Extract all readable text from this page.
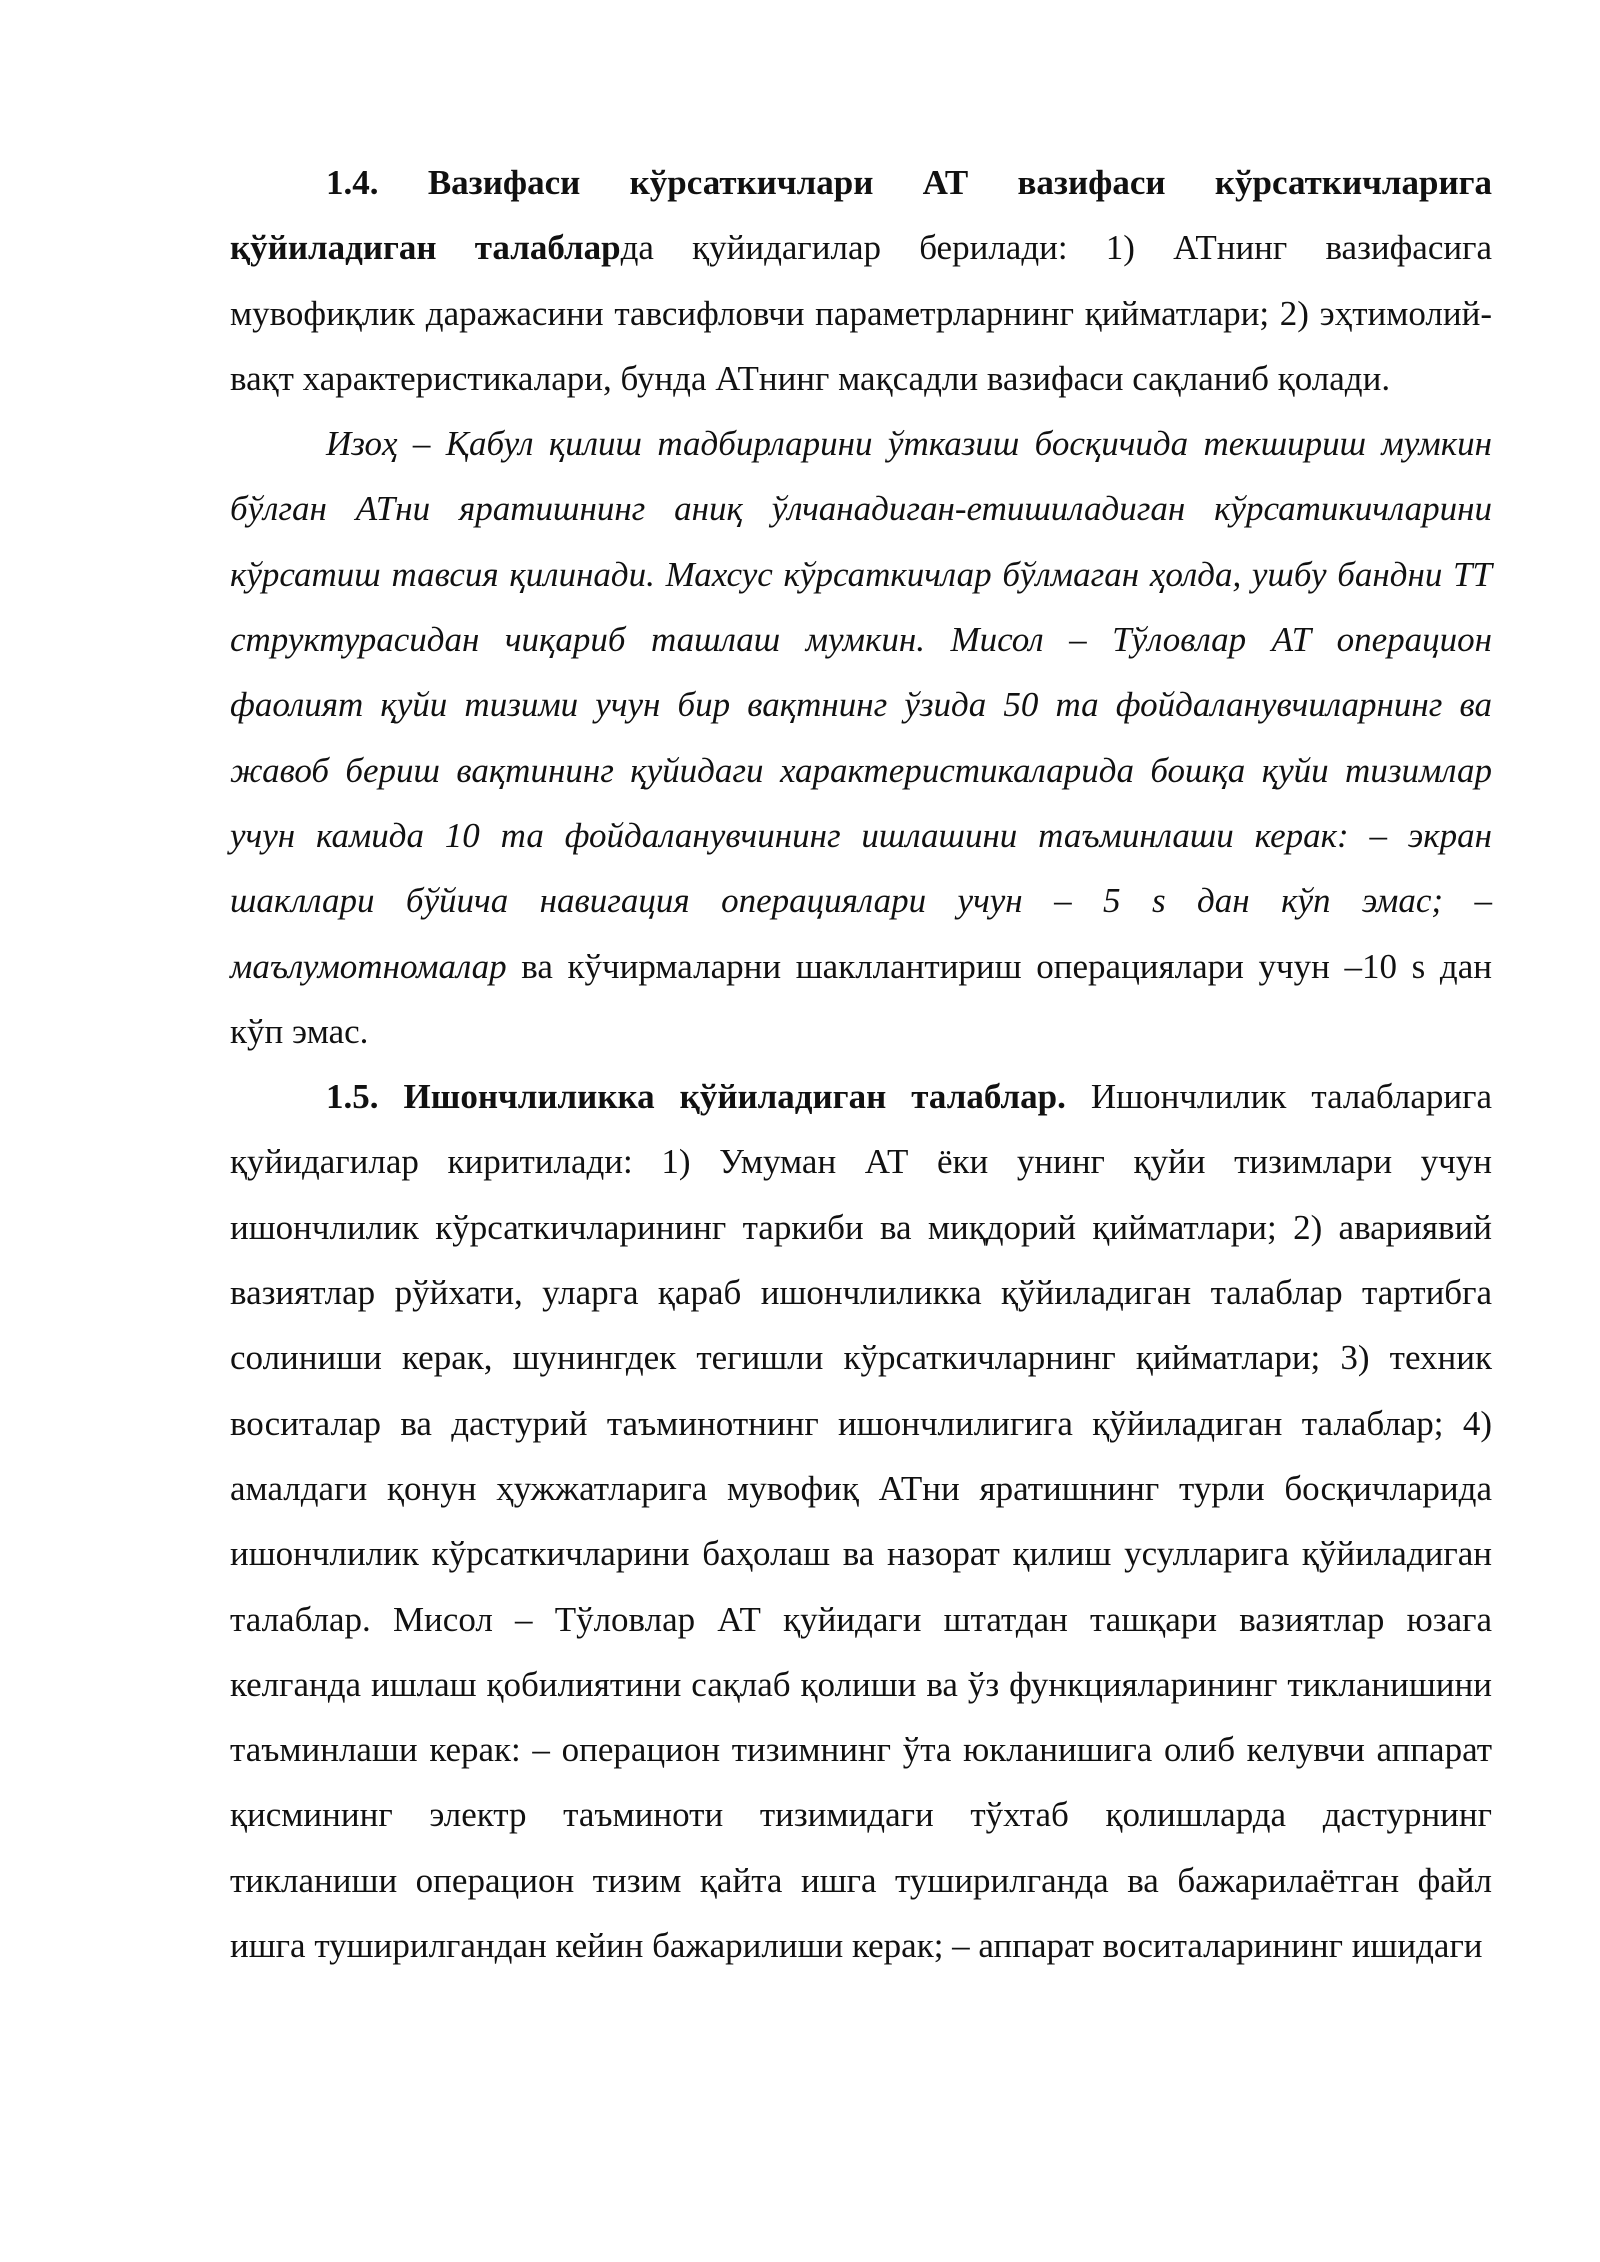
1.4. Вазифаси кўрсаткичлари АТ вазифаси кўрсаткичларига қўйиладиган талабларда қуйидагилар берилади: 1) АТнинг вазифасига мувофиқлик даражасини тавсифловчи параметрларнинг қийматлари; 2) эҳтимолий-вақт характеристикалари, бунда АТнинг мақсадли вазифаси сақланиб қолади.

Изоҳ – Қабул қилиш тадбирларини ўтказиш босқичида текшириш мумкин бўлган АТни яратишнинг аниқ ўлчанадиган-етишиладиган кўрсатикичларини кўрсатиш тавсия қилинади. Махсус кўрсаткичлар бўлмаган ҳолда, ушбу бандни ТТ структурасидан чиқариб ташлаш мумкин. Мисол – Тўловлар АТ операцион фаолият қуйи тизими учун бир вақтнинг ўзида 50 та фойдаланувчиларнинг ва жавоб бериш вақтининг қуйидаги характеристикаларида бошқа қуйи тизимлар учун камида 10 та фойдаланувчининг ишлашини таъминлаши керак: – экран шакллари бўйича навигация операциялари учун – 5 s дан кўп эмас; – маълумотномалар ва кўчирмаларни шакллантириш операциялари учун –10 s дан кўп эмас.

1.5. Ишончлиликка қўйиладиган талаблар. Ишончлилик талабларига қуйидагилар киритилади: 1) Умуман АТ ёки унинг қуйи тизимлари учун ишончлилик кўрсаткичларининг таркиби ва миқдорий қийматлари; 2) авариявий вазиятлар рўйхати, уларга қараб ишончлиликка қўйиладиган талаблар тартибга солиниши керак, шунингдек тегишли кўрсаткичларнинг қийматлари; 3) техник воситалар ва дастурий таъминотнинг ишончлилигига қўйиладиган талаблар; 4) амалдаги қонун ҳужжатларига мувофиқ АТни яратишнинг турли босқичларида ишончлилик кўрсаткичларини баҳолаш ва назорат қилиш усулларига қўйиладиган талаблар. Мисол – Тўловлар АТ қуйидаги штатдан ташқари вазиятлар юзага келганда ишлаш қобилиятини сақлаб қолиши ва ўз функцияларининг тикланишини таъминлаши керак: – операцион тизимнинг ўта юкланишига олиб келувчи аппарат қисмининг электр таъминоти тизимидаги тўхтаб қолишларда дастурнинг тикланиши операцион тизим қайта ишга туширилганда ва бажарилаётган файл ишга туширилгандан кейин бажарилиши керак; – аппарат воситаларининг ишидаги
